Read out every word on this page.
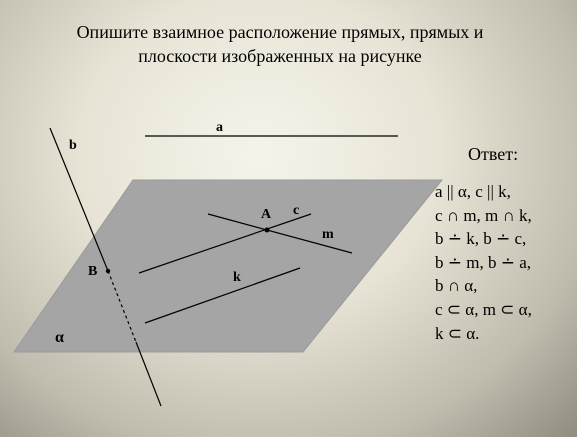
Опишите взаимное расположение прямых, прямых и
плоскости изображенных на рисунке
a
b
c
m
k
A
B
α
Ответ:
a || α, c || k,
c ∩ m, m ∩ k,
b ∸ k, b ∸ c,
b ∸ m, b ∸ a,
b ∩ α,
c ⊂ α, m ⊂ α,
k ⊂ α.
